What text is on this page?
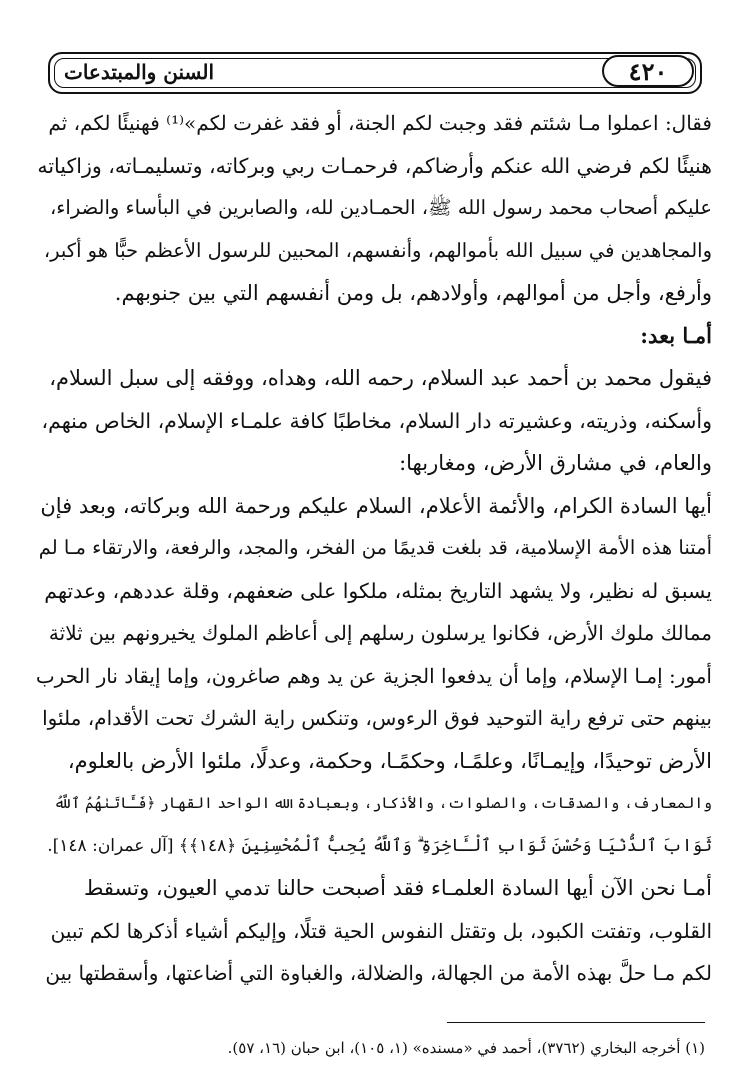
٤٢٠
السنن والمبتدعات
فقال: اعملوا مـا شئتم فقد وجبت لكم الجنة، أو فقد غفرت لكم»⁽¹⁾ فهنيئًا لكم، ثم
هنيئًا لكم فرضي الله عنكم وأرضاكم، فرحمـات ربي وبركاته، وتسليمـاته، وزاكياته
عليكم أصحاب محمد رسول الله ﷺ، الحمـادين لله، والصابرين في البأساء والضراء،
والمجاهدين في سبيل الله بأموالهم، وأنفسهم، المحبين للرسول الأعظم حبًّا هو أكبر،
وأرفع، وأجل من أموالهم، وأولادهم، بل ومن أنفسهم التي بين جنوبهم.
أمـا بعد:
فيقول محمد بن أحمد عبد السلام، رحمه الله، وهداه، ووفقه إلى سبل السلام،
وأسكنه، وذريته، وعشيرته دار السلام، مخاطبًا كافة علمـاء الإسلام، الخاص منهم،
والعام، في مشارق الأرض، ومغاربها:
أيها السادة الكرام، والأئمة الأعلام، السلام عليكم ورحمة الله وبركاته، وبعد فإن
أمتنا هذه الأمة الإسلامية، قد بلغت قديمًا من الفخر، والمجد، والرفعة، والارتقاء مـا لم
يسبق له نظير، ولا يشهد التاريخ بمثله، ملكوا على ضعفهم، وقلة عددهم، وعدتهم
ممالك ملوك الأرض، فكانوا يرسلون رسلهم إلى أعاظم الملوك يخيرونهم بين ثلاثة
أمور: إمـا الإسلام، وإما أن يدفعوا الجزية عن يد وهم صاغرون، وإما إيقاد نار الحرب
بينهم حتى ترفع راية التوحيد فوق الرءوس، وتنكس راية الشرك تحت الأقدام، ملئوا
الأرض توحيدًا، وإيمـانًا، وعلمًـا، وحكمًـا، وحكمة، وعدلًا، ملئوا الأرض بالعلوم،
والمعارف، والصدقات، والصلوات، والأذكار، وبعبادة الله الواحد القهار ﴿فَـَٔاتَىٰهُمُ ٱللَّهُ
ثَوَابَ ٱلدُّنْيَا وَحُسْنَ ثَوَابِ ٱلْـَٔاخِرَةِ ۗ وَٱللَّهُ يُحِبُّ ٱلْمُحْسِنِينَ ﴿١٤٨﴾﴾ [آل عمران: ١٤٨].
أمـا نحن الآن أيها السادة العلمـاء فقد أصبحت حالنا تدمي العيون، وتسقط
القلوب، وتفتت الكبود، بل وتقتل النفوس الحية قتلًا، وإليكم أشياء أذكرها لكم تبين
لكم مـا حلَّ بهذه الأمة من الجهالة، والضلالة، والغباوة التي أضاعتها، وأسقطتها بين
(١) أخرجه البخاري (٣٧٦٢)، أحمد في «مسنده» (١، ١٠٥)، ابن حبان (١٦، ٥٧).
